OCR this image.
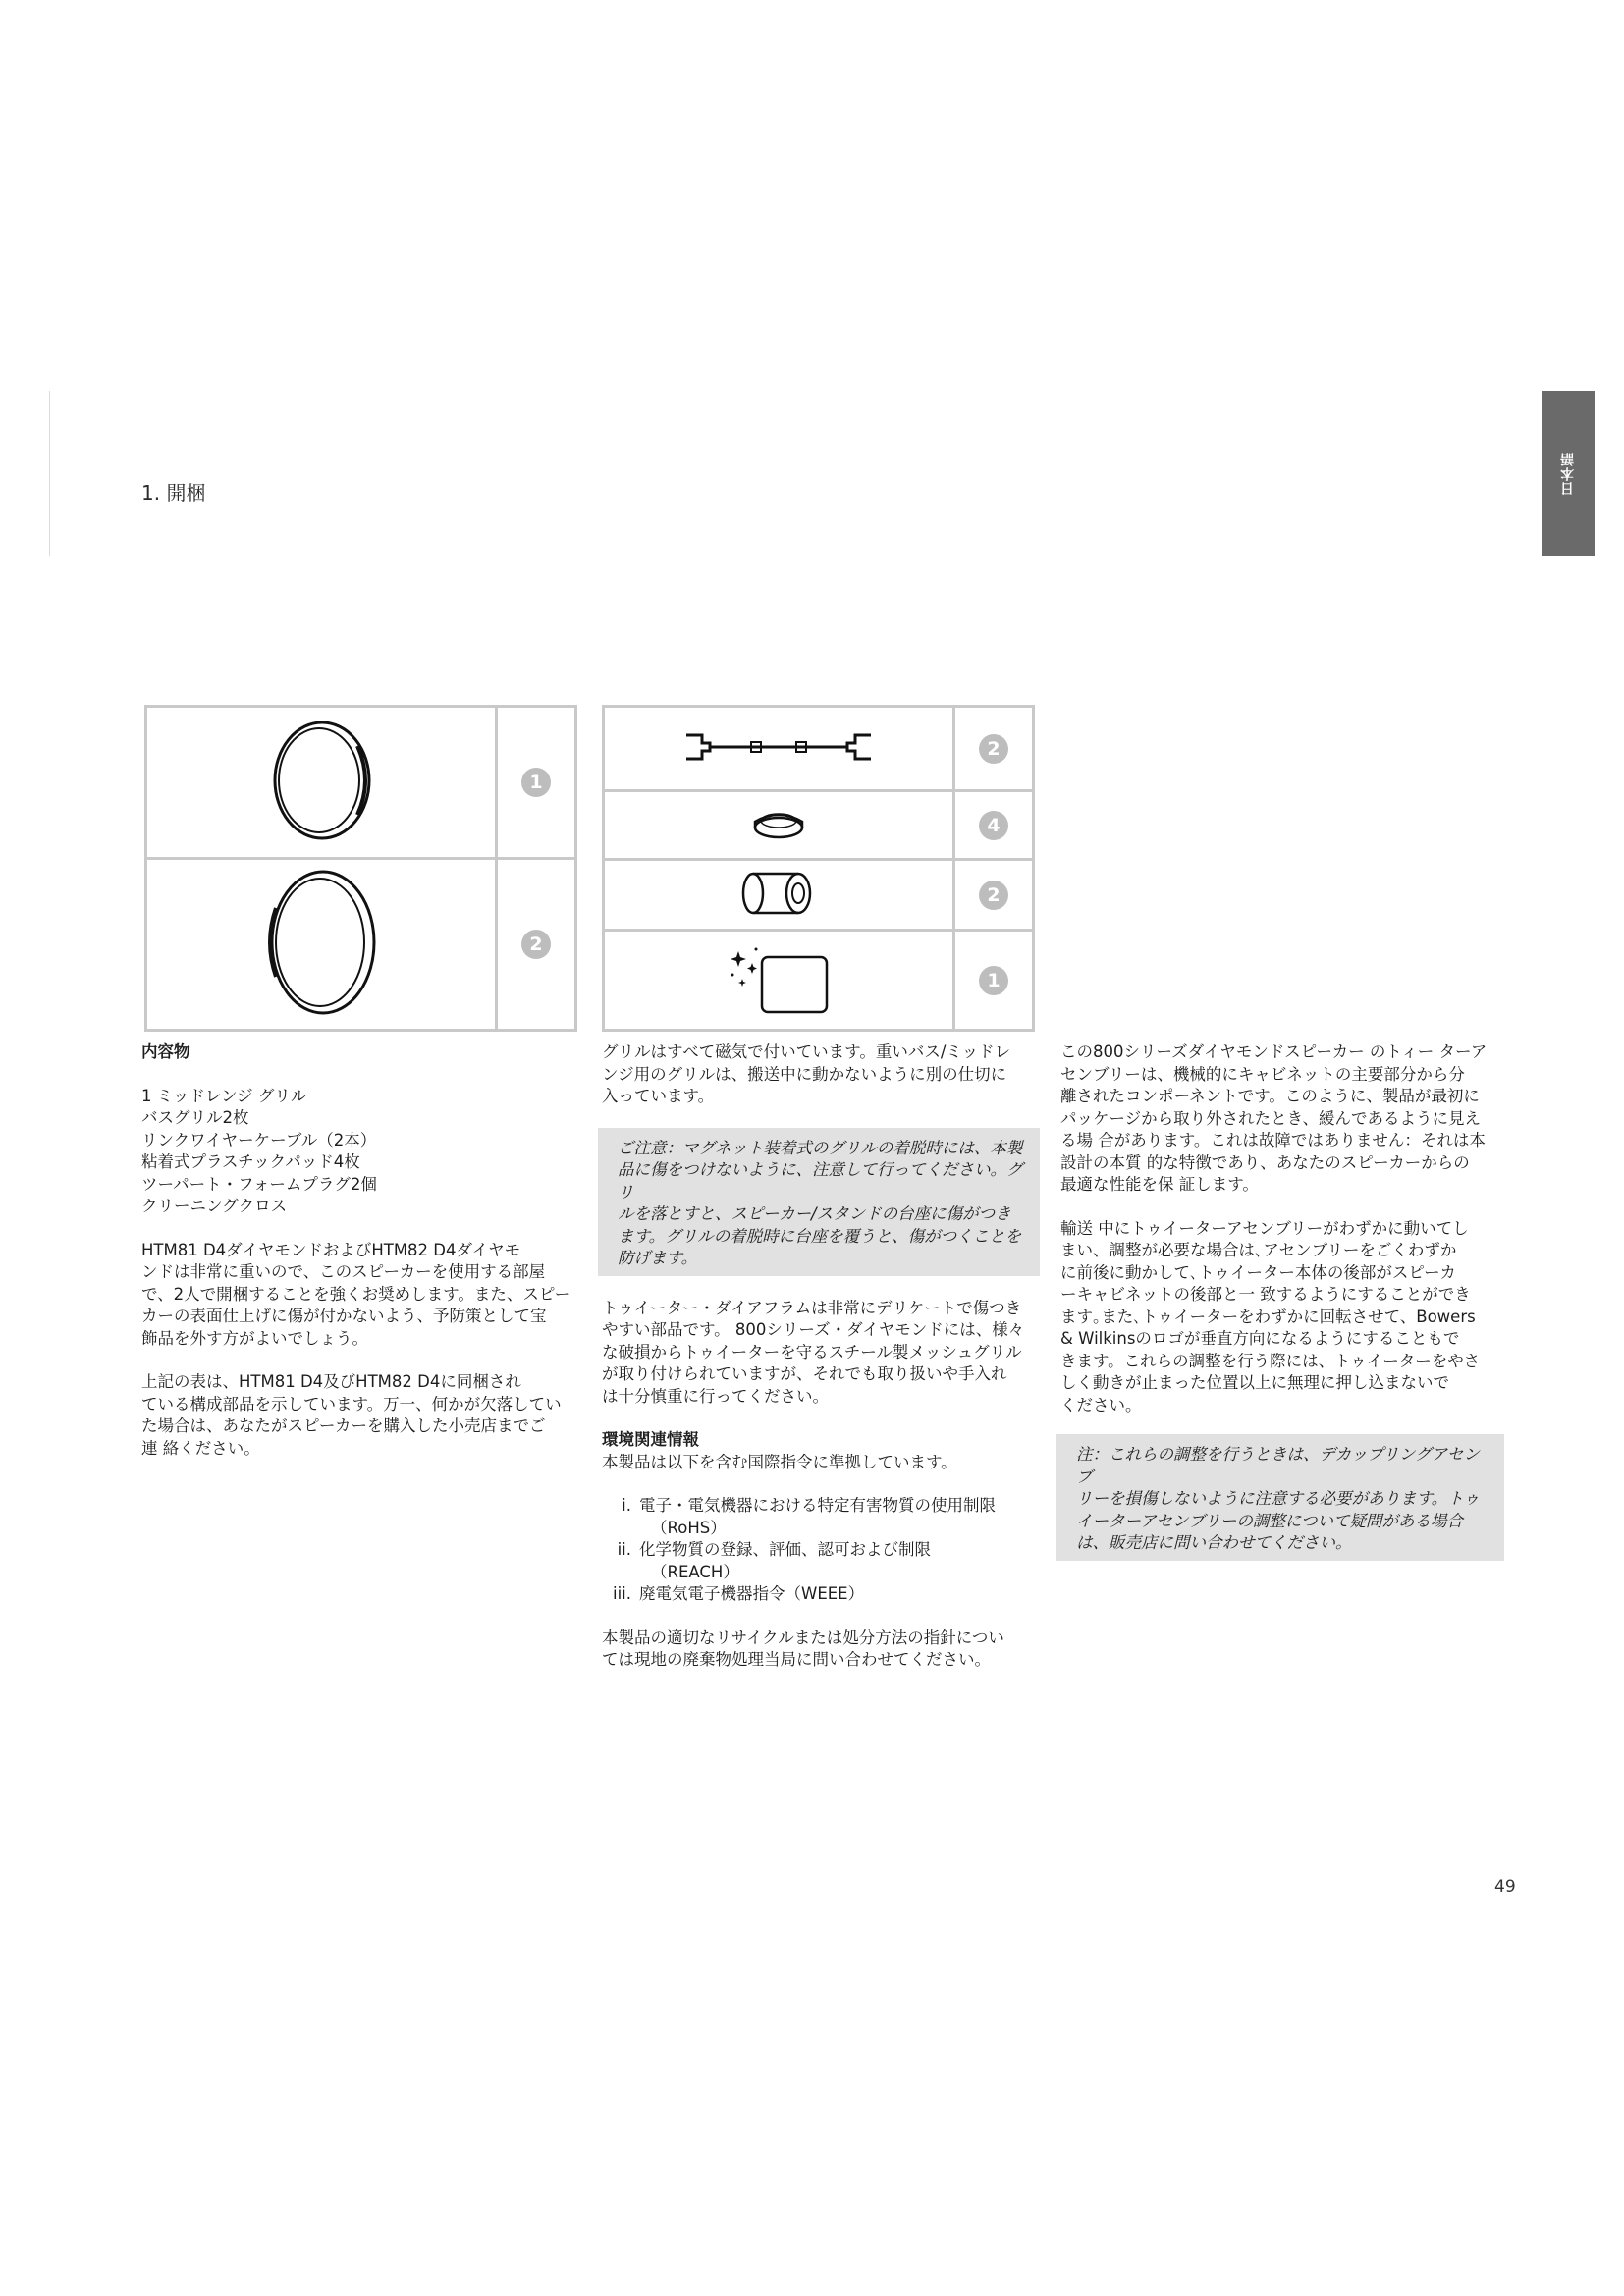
1. 開梱	日本語
1
2
2
4
2
1

内容物

1 ミッドレンジ グリル

バスグリル2枚

リンクワイヤーケーブル（2本）

粘着式プラスチックパッド4枚

ツーパート・フォームプラグ2個

クリーニングクロス

HTM81 D4ダイヤモンドおよびHTM82 D4ダイヤモ

ンドは非常に重いので、このスピーカーを使用する部屋

で、2人で開梱することを強くお奨めします。また、スピー

カーの表面仕上げに傷が付かないよう、予防策として宝

飾品を外す方がよいでしょう。

上記の表は、HTM81 D4及びHTM82 D4に同梱され

ている構成部品を示しています。万一、何かが欠落してい

た場合は、あなたがスピーカーを購入した小売店までご

連 絡ください。

グリルはすべて磁気で付いています。重いバス/ミッドレ

ンジ用のグリルは、搬送中に動かないように別の仕切に

入っています。

ご注意：マグネット装着式のグリルの着脱時には、本製

品に傷をつけないように、注意して行ってください。グリ

ルを落とすと、スピーカー/スタンドの台座に傷がつき

ます。グリルの着脱時に台座を覆うと、傷がつくことを

防げます。

トゥイーター・ダイアフラムは非常にデリケートで傷つき

やすい部品です。 800シリーズ・ダイヤモンドには、様々

な破損からトゥイーターを守るスチール製メッシュグリル

が取り付けられていますが、それでも取り扱いや手入れ

は十分慎重に行ってください。

環境関連情報

本製品は以下を含む国際指令に準拠しています。

i. 電子・電気機器における特定有害物質の使用制限

（RoHS）

ii. 化学物質の登録、評価、認可および制限

（REACH）

iii. 廃電気電子機器指令（WEEE）

本製品の適切なリサイクルまたは処分方法の指針につい

ては現地の廃棄物処理当局に問い合わせてください。

この800シリーズダイヤモンドスピーカー のトィー ターア

センブリーは、機械的にキャビネットの主要部分から分

離されたコンポーネントです。このように、製品が最初に

パッケージから取り外されたとき、緩んであるように見え

る場 合があります。これは故障ではありません：それは本

設計の本質 的な特徴であり、あなたのスピーカーからの

最適な性能を保 証します。

輸送 中にトゥイーターアセンブリーがわずかに動いてし

まい、調整が必要な場合は､アセンブリーをごくわずか

に前後に動かして､トゥイーター本体の後部がスピーカ

ーキャビネットの後部と一 致するようにすることができ

ます｡また､トゥイーターをわずかに回転させて、Bowers

& Wilkinsのロゴが垂直方向になるようにすることもで

きます。これらの調整を行う際には、トゥイーターをやさ

しく動きが止まった位置以上に無理に押し込まないで

ください。

注：これらの調整を行うときは、デカップリングアセンブ

リーを損傷しないように注意する必要があります。トゥ

イーターアセンブリーの調整について疑問がある場合

は、販売店に問い合わせてください。

49
